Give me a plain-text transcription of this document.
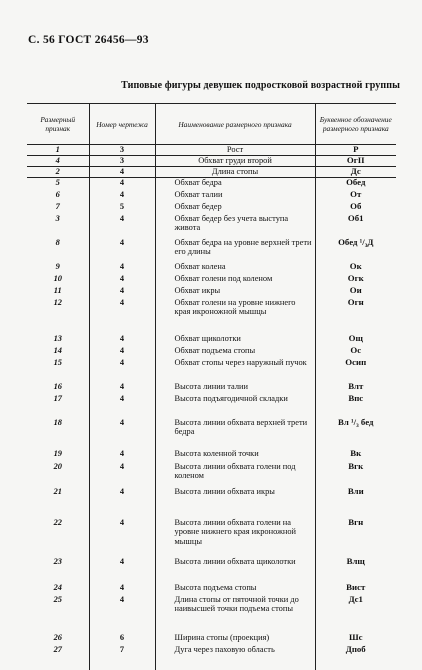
С. 56 ГОСТ 26456—93
Типовые фигуры девушек подростковой возрастной группы
Размерный признак	Номер чертежа	Наименование размерного признака	Буквенное обозначение размерного признака
1	3	Рост	Р
4	3	Обхват груди второй	ОгII
2	4	Длина стопы	Дс
5	4	Обхват бедра	Обед
6	4	Обхват талии	От
7	5	Обхват бедер	Об
3	4	Обхват бедер без учета выступа живота	Об1
8	4	Обхват бедра на уровне верхней трети его длины	Обед ¹/₃Д
9	4	Обхват колена	Ок
10	4	Обхват голени под коленом	Огк
11	4	Обхват икры	Ои
12	4	Обхват голени на уровне нижнего края икроножной мышцы	Огн
13	4	Обхват щиколотки	Ощ
14	4	Обхват подъема стопы	Ос
15	4	Обхват стопы через наружный пучок	Осип
16	4	Высота линии талии	Влт
17	4	Высота подъягодичной складки	Впс
18	4	Высота линии обхвата верхней трети бедра	Вл ¹/₃ бед
19	4	Высота коленной точки	Вк
20	4	Высота линии обхвата голени под коленом	Вгк
21	4	Высота линии обхвата икры	Вли
22	4	Высота линии обхвата голени на уровне нижнего края икроножной мышцы	Вгн
23	4	Высота линии обхвата щиколотки	Влщ
24	4	Высота подъема стопы	Вист
25	4	Длина стопы от пяточной точки до наивысшей точки подъема стопы	Дс1
26	6	Ширина стопы (проекция)	Шс
27	7	Дуга через паховую область	Дпоб
